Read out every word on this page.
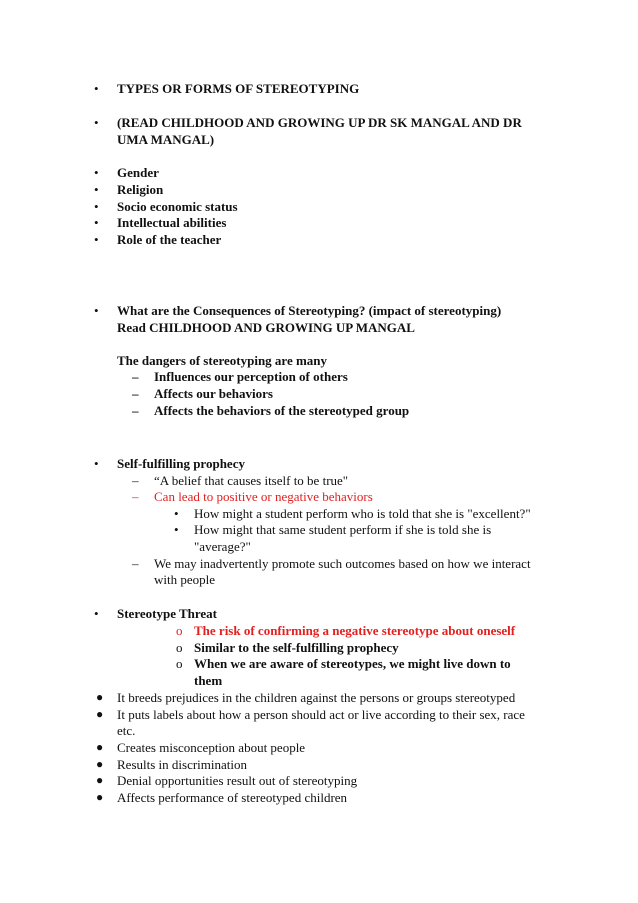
• TYPES OR FORMS OF STEREOTYPING
• (READ CHILDHOOD AND GROWING UP DR SK MANGAL AND DR
UMA MANGAL)
• Gender
• Religion
• Socio economic status
• Intellectual abilities
• Role of the teacher
• What are the Consequences of Stereotyping? (impact of stereotyping)
Read CHILDHOOD AND GROWING UP MANGAL
The dangers of stereotyping are many
– Influences our perception of others
– Affects our behaviors
– Affects the behaviors of the stereotyped group
• Self-fulfilling prophecy
– “A belief that causes itself to be true"
– Can lead to positive or negative behaviors
• How might a student perform who is told that she is "excellent?"
• How might that same student perform if she is told she is
"average?"
– We may inadvertently promote such outcomes based on how we interact
with people
• Stereotype Threat
o The risk of confirming a negative stereotype about oneself
o Similar to the self-fulfilling prophecy
o When we are aware of stereotypes, we might live down to
them
● It breeds prejudices in the children against the persons or groups stereotyped
● It puts labels about how a person should act or live according to their sex, race
etc.
● Creates misconception about people
● Results in discrimination
● Denial opportunities result out of stereotyping
● Affects performance of stereotyped children
